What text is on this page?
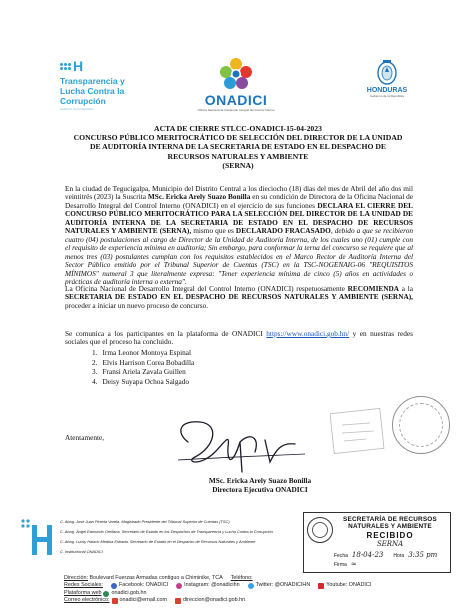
H
Transparencia y
Lucha Contra la
Corrupción
Gobierno de la República
ONADICI
Oficina Nacional de Desarrollo Integral del Control Interno
HONDURAS
Gobierno de la República
ACTA DE CIERRE STLCC-ONADICI-15-04-2023
CONCURSO PÚBLICO MERITOCRÁTICO DE SELECCIÓN DEL DIRECTOR DE LA UNIDAD
DE AUDITORÍA INTERNA DE LA SECRETARIA DE ESTADO EN EL DESPACHO DE
RECURSOS NATURALES Y AMBIENTE
(SERNA)

En la ciudad de Tegucigalpa, Municipio del Distrito Central a los dieciocho (18) días del mes de Abril del año dos mil veintitrés (2023) la Suscrita MSc. Ericka Arely Suazo Bonilla en su condición de Directora de la Oficina Nacional de Desarrollo Integral del Control Interno (ONADICI) en el ejercicio de sus funciones DECLARA EL CIERRE DEL CONCURSO PÚBLICO MERITOCRÁTICO PARA LA SELECCIÓN DEL DIRECTOR DE LA UNIDAD DE AUDITORÍA INTERNA DE LA SECRETARIA DE ESTADO EN EL DESPACHO DE RECURSOS NATURALES Y AMBIENTE (SERNA), mismo que es DECLARADO FRACASADO, debido a que se recibieron cuatro (04) postulaciones al cargo de Director de la Unidad de Auditoría Interna, de los cuales uno (01) cumple con el requisito de experiencia mínima en auditoría; Sin embargo, para conformar la terna del concurso se requiere que al menos tres (03) postulantes cumplan con los requisitos establecidos en el Marco Rector de Auditoría Interna del Sector Público emitido por el Tribunal Superior de Cuentas (TSC) en la TSC-NOGENAIG-06 "REQUISITOS MÍNIMOS" numeral 3 que literalmente expresa: "Tener experiencia mínima de cinco (5) años en actividades o prácticas de auditoría interna o externa".

La Oficina Nacional de Desarrollo Integral del Control Interno (ONADICI) respetuosamente RECOMIENDA a la SECRETARIA DE ESTADO EN EL DESPACHO DE RECURSOS NATURALES Y AMBIENTE (SERNA), proceder a iniciar un nuevo proceso de concurso.

Se comunica a los participantes en la plataforma de ONADICI https://www.onadici.gob.hn/ y en nuestras redes sociales que el proceso ha concluido.

1. Irma Leonor Montoya Espinal
2. Elvis Harrison Corea Bobadilla
3. Fransi Ariela Zavala Guillen
4. Deisy Suyapa Ochoa Salgado
Atentamente,
MSc. Ericka Arely Suazo Bonilla
Directora Ejecutiva ONADICI
C. Abog. José Juan Pineda Varela. Magistrado Presidente del Tribunal Superior de Cuentas (TSC)
C. Abog. Ángel Edmundo Orellana. Secretario de Estado en los Despachos de Transparencia y Lucha Contra la Corrupción
C. Abog. Lucky Halach Medina Estrada. Secretario de Estado en el Despacho de Recursos Naturales y Ambiente
C. Institucional ONADICI
SECRETARÍA DE RECURSOS
NATURALES Y AMBIENTE
RECIBIDO
SERNA
Fecha 18-04-23 Hora 3:35 pm
Firma ≈
Dirección: Boulevard Fuerzas Armadas contiguo a Chiminike, TCA Teléfono:
Redes Sociales:	Facebook: ONADICI	Instagram: @onadicihn	Twitter: @ONADICIHN	Youtube: ONADICI
Plataforma web onadici.gob.hn
Correo electrónico: onadici@ernail.com	direccion@onadici.gob.hn
